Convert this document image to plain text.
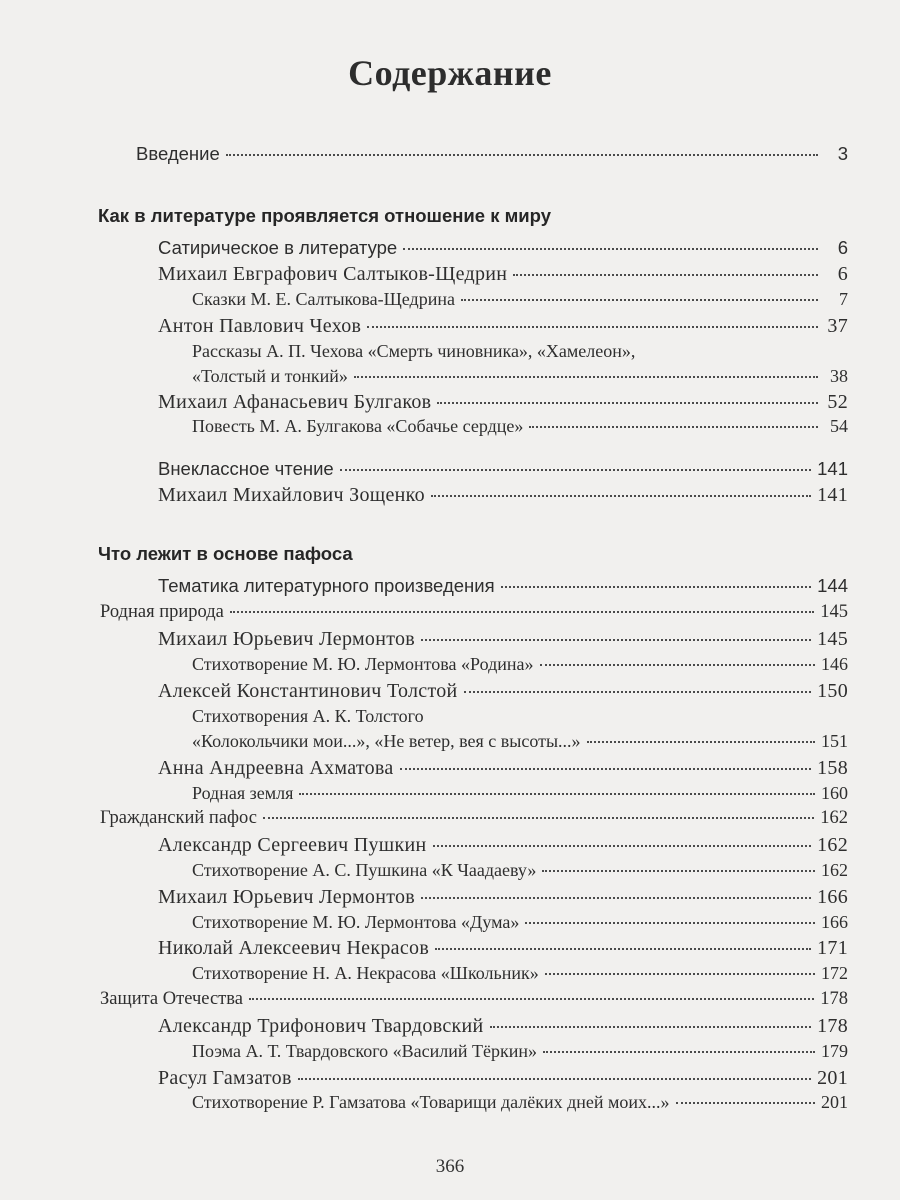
Содержание
Введение	3
Как в литературе проявляется отношение к миру
Сатирическое в литературе	6
Михаил Евграфович Салтыков-Щедрин	6
Сказки М. Е. Салтыкова-Щедрина	7
Антон Павлович Чехов	37
Рассказы А. П. Чехова «Смерть чиновника», «Хамелеон»,
«Толстый и тонкий»	38
Михаил Афанасьевич Булгаков	52
Повесть М. А. Булгакова «Собачье сердце»	54
Внеклассное чтение	141
Михаил Михайлович Зощенко	141
Что лежит в основе пафоса
Тематика литературного произведения	144
Родная природа	145
Михаил Юрьевич Лермонтов	145
Стихотворение М. Ю. Лермонтова «Родина»	146
Алексей Константинович Толстой	150
Стихотворения А. К. Толстого
«Колокольчики мои...», «Не ветер, вея с высоты...»	151
Анна Андреевна Ахматова	158
Родная земля	160
Гражданский пафос	162
Александр Сергеевич Пушкин	162
Стихотворение А. С. Пушкина «К Чаадаеву»	162
Михаил Юрьевич Лермонтов	166
Стихотворение М. Ю. Лермонтова «Дума»	166
Николай Алексеевич Некрасов	171
Стихотворение Н. А. Некрасова «Школьник»	172
Защита Отечества	178
Александр Трифонович Твардовский	178
Поэма А. Т. Твардовского «Василий Тёркин»	179
Расул Гамзатов	201
Стихотворение Р. Гамзатова «Товарищи далёких дней моих...»	201
366
